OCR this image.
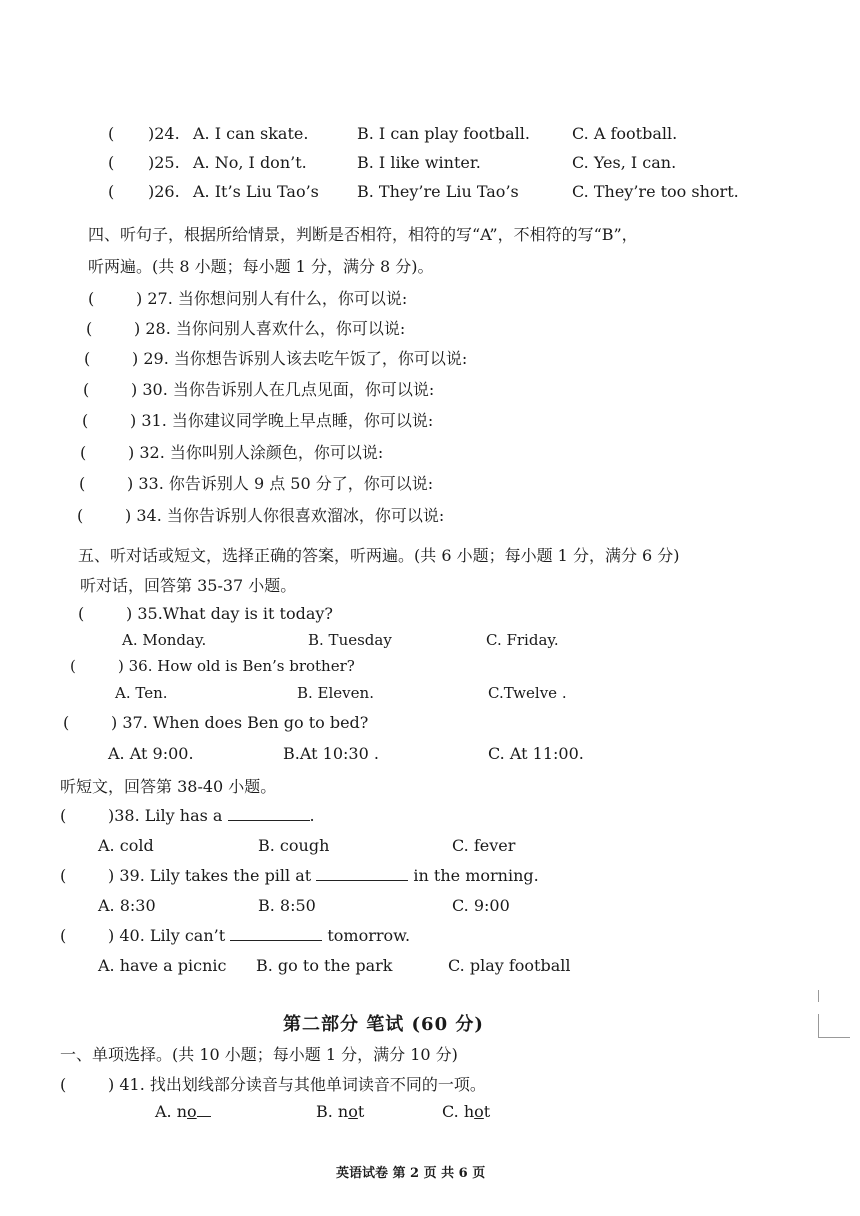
( )24. A. I can skate.	B. I can play football.	C. A football.
( )25. A. No, I don’t.	B. I like winter.	C. Yes, I can.
( )26. A. It’s Liu Tao’s B. They’re Liu Tao’s	C. They’re too short.
四、听句子，根据所给情景，判断是否相符，相符的写“A”，不相符的写“B”，
听两遍。(共 8 小题；每小题 1 分，满分 8 分)。
(	) 27. 当你想问别人有什么，你可以说:
(	) 28. 当你问别人喜欢什么，你可以说:
(	) 29. 当你想告诉别人该去吃午饭了，你可以说:
(	) 30. 当你告诉别人在几点见面，你可以说:
(	) 31. 当你建议同学晚上早点睡，你可以说:
(	) 32. 当你叫别人涂颜色，你可以说:
(	) 33. 你告诉别人 9 点 50 分了，你可以说:
(	) 34. 当你告诉别人你很喜欢溜冰，你可以说:
五、听对话或短文，选择正确的答案，听两遍。(共 6 小题；每小题 1 分，满分 6 分)
听对话，回答第 35-37 小题。
(	) 35.What day is it today?
A. Monday.	B. Tuesday	C. Friday.
(	) 36. How old is Ben’s brother?
A. Ten.	B. Eleven.	C.Twelve .
(	) 37. When does Ben go to bed?
A. At 9:00.	B.At 10:30 .	C. At 11:00.
听短文，回答第 38-40 小题。
(	)38. Lily has a	.
A. cold	B. cough	C. fever
(	) 39. Lily takes the pill at	in the morning.
A. 8:30	B. 8:50	C. 9:00
(	) 40. Lily can’t	tomorrow.
A. have a picnic B. go to the park	C. play football
第二部分 笔试 (60 分)
一、单项选择。(共 10 小题；每小题 1 分，满分 10 分)
(	) 41. 找出划线部分读音与其他单词读音不同的一项。
A. no	B. not	C. hot
英语试卷 第 2 页 共 6 页
